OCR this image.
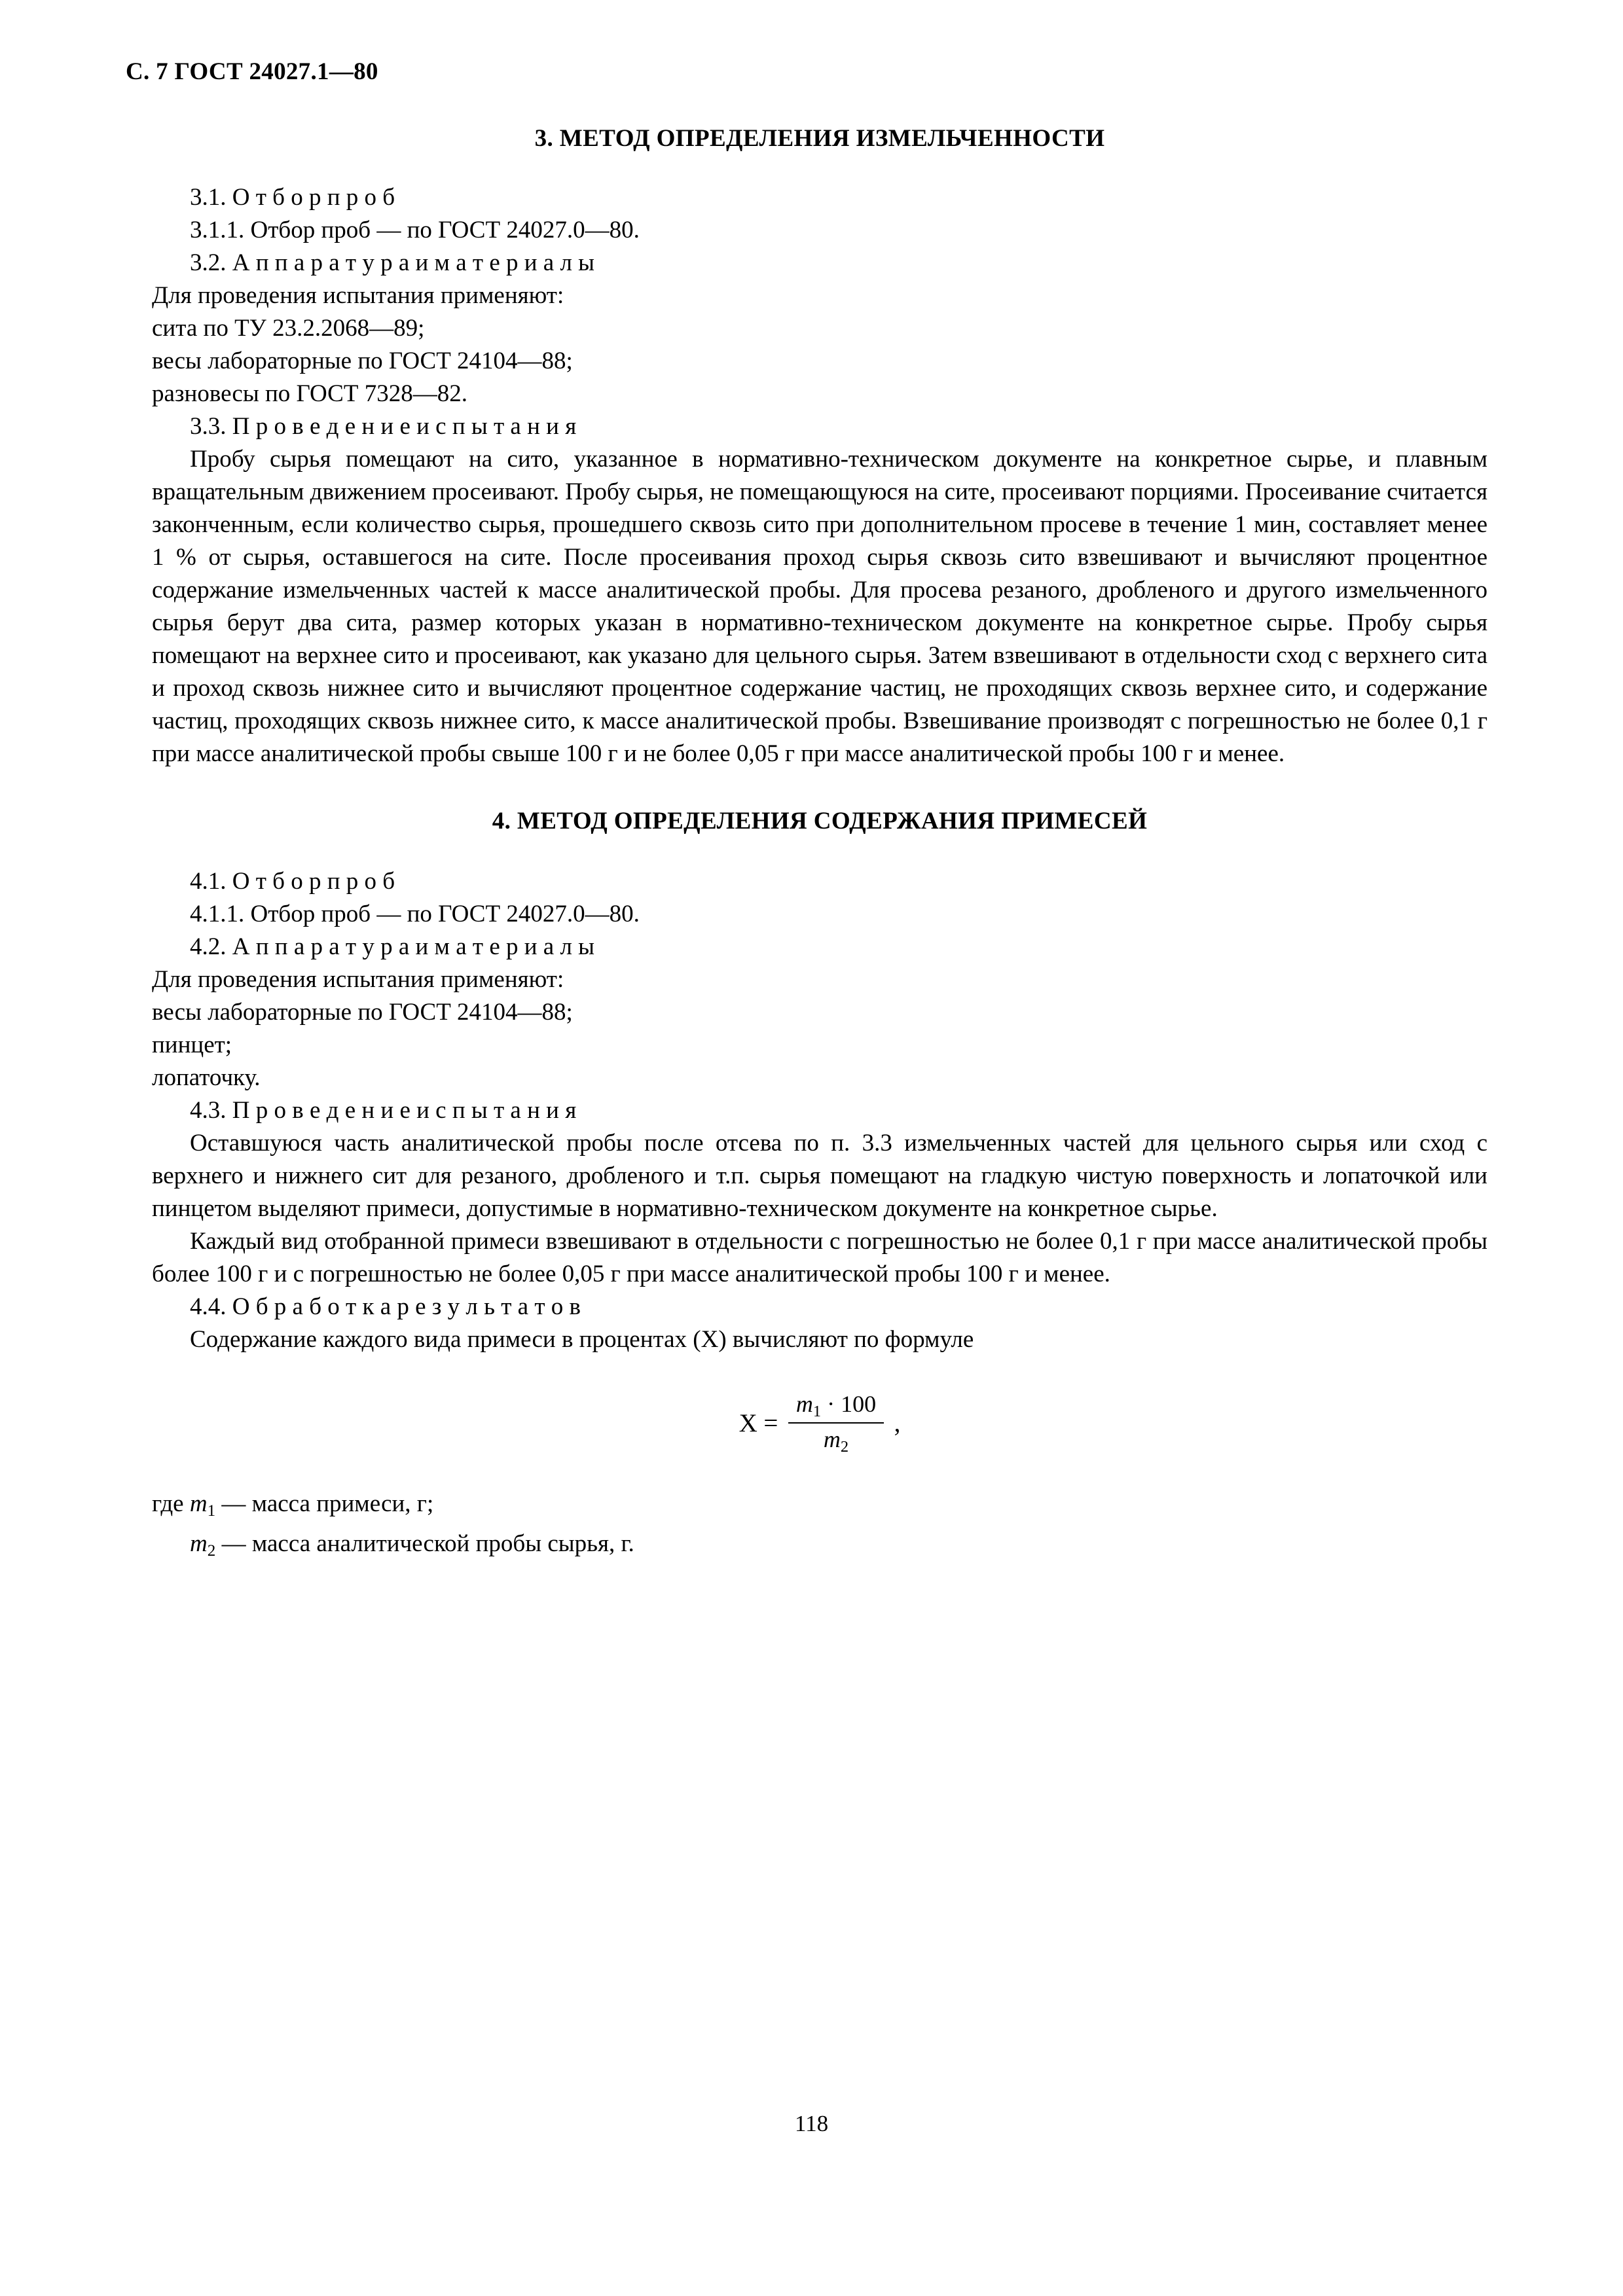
С. 7 ГОСТ 24027.1—80
3. МЕТОД ОПРЕДЕЛЕНИЯ ИЗМЕЛЬЧЕННОСТИ

3.1. О т б о р п р о б

3.1.1. Отбор проб — по ГОСТ 24027.0—80.

3.2. А п п а р а т у р а и м а т е р и а л ы

Для проведения испытания применяют:

сита по ТУ 23.2.2068—89;

весы лабораторные по ГОСТ 24104—88;

разновесы по ГОСТ 7328—82.

3.3. П р о в е д е н и е и с п ы т а н и я

Пробу сырья помещают на сито, указанное в нормативно-техническом документе на конкретное сырье, и плавным вращательным движением просеивают. Пробу сырья, не помещающуюся на сите, просеивают порциями. Просеивание считается законченным, если количество сырья, прошедшего сквозь сито при дополнительном просеве в течение 1 мин, составляет менее 1 % от сырья, оставшегося на сите. После просеивания проход сырья сквозь сито взвешивают и вычисляют процентное содержание измельченных частей к массе аналитической пробы. Для просева резаного, дробленого и другого измельченного сырья берут два сита, размер которых указан в нормативно-техническом документе на конкретное сырье. Пробу сырья помещают на верхнее сито и просеивают, как указано для цельного сырья. Затем взвешивают в отдельности сход с верхнего сита и проход сквозь нижнее сито и вычисляют процентное содержание частиц, не проходящих сквозь верхнее сито, и содержание частиц, проходящих сквозь нижнее сито, к массе аналитической пробы. Взвешивание производят с погрешностью не более 0,1 г при массе аналитической пробы свыше 100 г и не более 0,05 г при массе аналитической пробы 100 г и менее.

4. МЕТОД ОПРЕДЕЛЕНИЯ СОДЕРЖАНИЯ ПРИМЕСЕЙ

4.1. О т б о р п р о б

4.1.1. Отбор проб — по ГОСТ 24027.0—80.

4.2. А п п а р а т у р а и м а т е р и а л ы

Для проведения испытания применяют:

весы лабораторные по ГОСТ 24104—88;

пинцет;

лопаточку.

4.3. П р о в е д е н и е и с п ы т а н и я

Оставшуюся часть аналитической пробы после отсева по п. 3.3 измельченных частей для цельного сырья или сход с верхнего и нижнего сит для резаного, дробленого и т.п. сырья помещают на гладкую чистую поверхность и лопаточкой или пинцетом выделяют примеси, допустимые в нормативно-техническом документе на конкретное сырье.

Каждый вид отобранной примеси взвешивают в отдельности с погрешностью не более 0,1 г при массе аналитической пробы более 100 г и с погрешностью не более 0,05 г при массе аналитической пробы 100 г и менее.

4.4. О б р а б о т к а р е з у л ь т а т о в

Содержание каждого вида примеси в процентах (X) вычисляют по формуле

$X = \frac{m_1 \cdot 100}{m_2}$ ,

где $m_1$ — масса примеси, г;

$m_2$ — масса аналитической пробы сырья, г.

118
